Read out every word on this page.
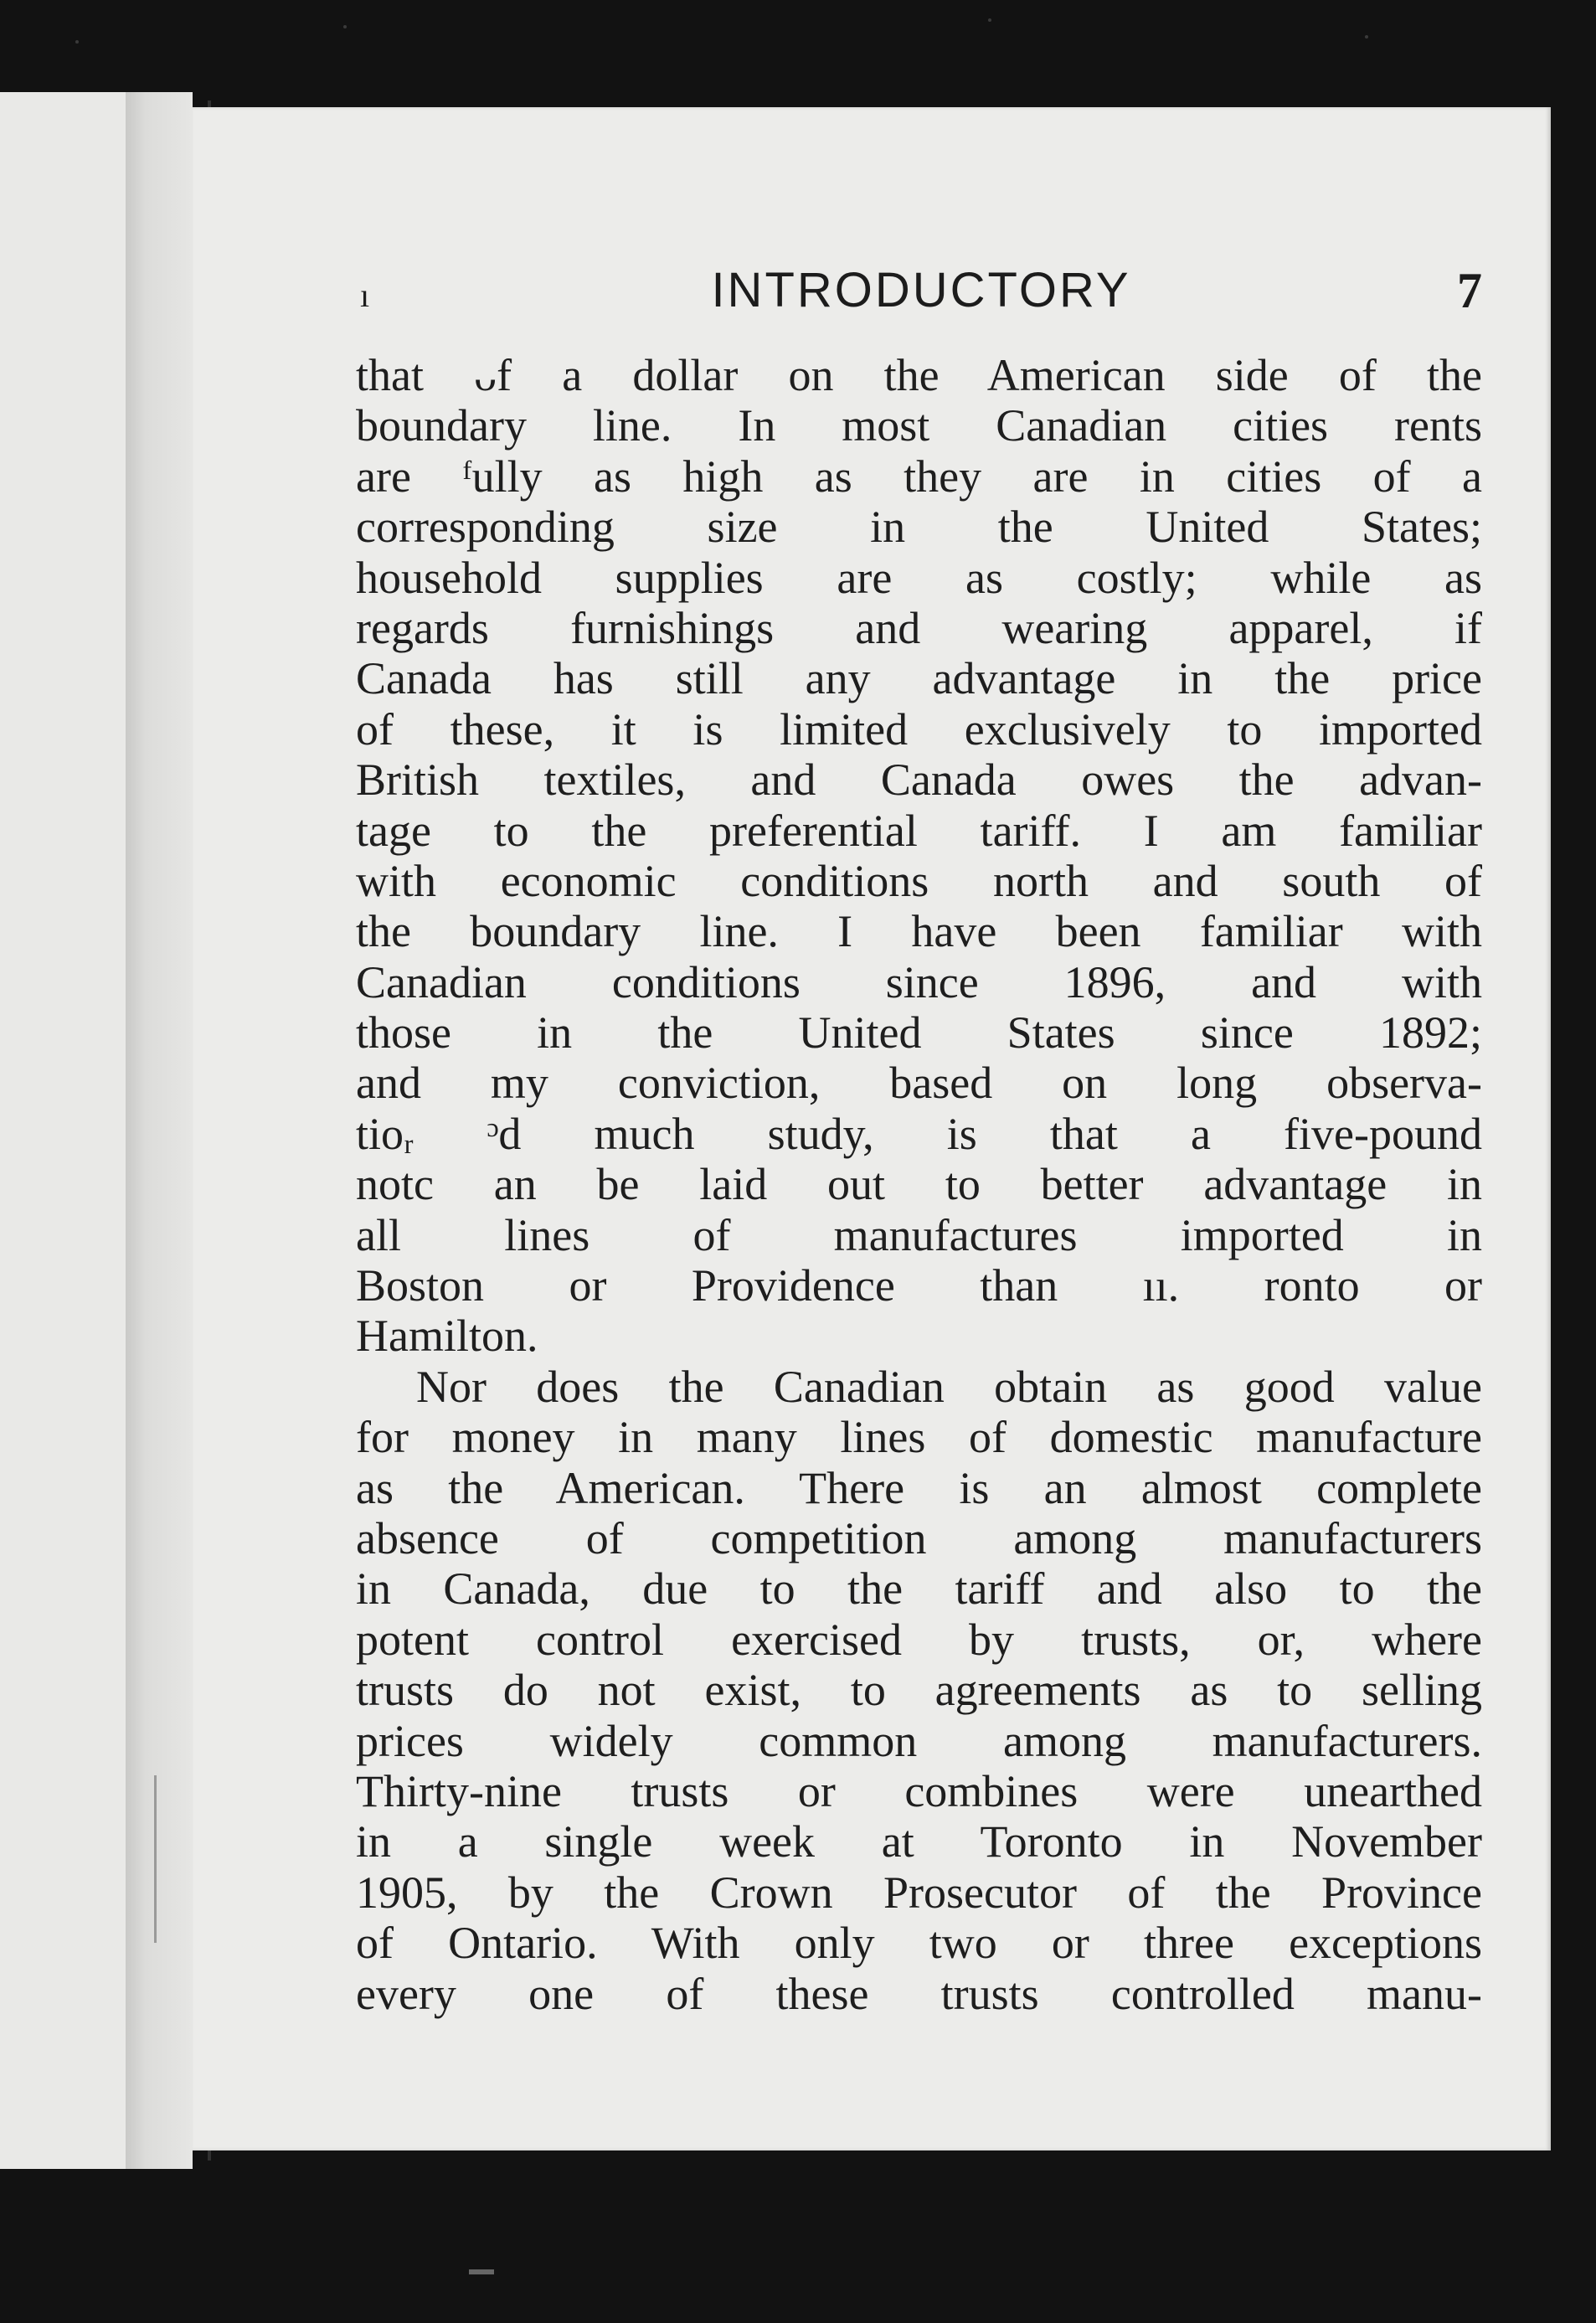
ı	INTRODUCTORY	7
that ᴗf a dollar on the American side of the
boundary line. In most Canadian cities rents
are ᶠully as high as they are in cities of a
corresponding size in the United States;
household supplies are as costly; while as
regards furnishings and wearing apparel, if
Canada has still any advantage in the price
of these, it is limited exclusively to imported
British textiles, and Canada owes the advan-
tage to the preferential tariff. I am familiar
with economic conditions north and south of
the boundary line. I have been familiar with
Canadian conditions since 1896, and with
those in the United States since 1892;
and my conviction, based on long observa-
tioᵣ ᵓd much study, is that a five-pound
notc an be laid out to better advantage in
all lines of manufactures imported in
Boston or Providence than ıı. ronto or
Hamilton.
Nor does the Canadian obtain as good value
for money in many lines of domestic manufacture
as the American. There is an almost complete
absence of competition among manufacturers
in Canada, due to the tariff and also to the
potent control exercised by trusts, or, where
trusts do not exist, to agreements as to selling
prices widely common among manufacturers.
Thirty-nine trusts or combines were unearthed
in a single week at Toronto in November
1905, by the Crown Prosecutor of the Province
of Ontario. With only two or three exceptions
every one of these trusts controlled manu-
